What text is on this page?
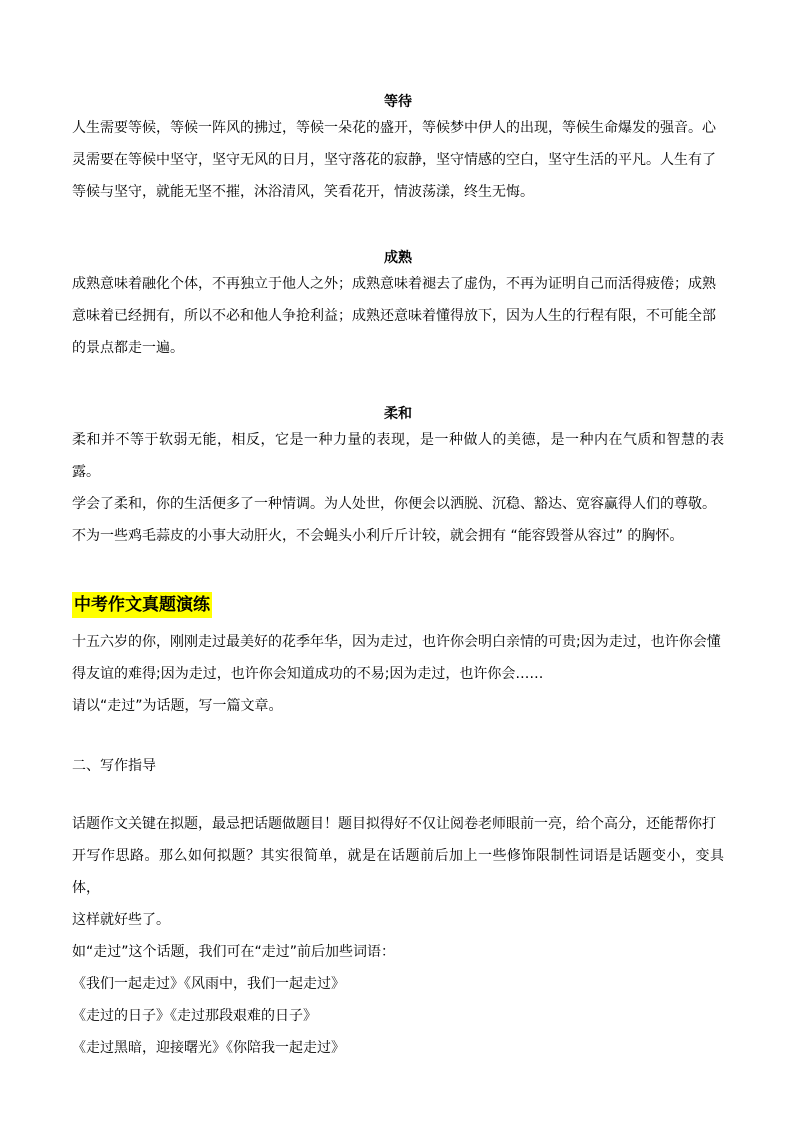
等待

人生需要等候，等候一阵风的拂过，等候一朵花的盛开，等候梦中伊人的出现，等候生命爆发的强音。心

灵需要在等候中坚守，坚守无风的日月，坚守落花的寂静，坚守情感的空白，坚守生活的平凡。人生有了

等候与坚守，就能无坚不摧，沐浴清风，笑看花开，情波荡漾，终生无悔。

成熟

成熟意味着融化个体，不再独立于他人之外；成熟意味着褪去了虚伪，不再为证明自己而活得疲倦；成熟

意味着已经拥有，所以不必和他人争抢利益；成熟还意味着懂得放下，因为人生的行程有限，不可能全部

的景点都走一遍。

柔和

柔和并不等于软弱无能，相反，它是一种力量的表现，是一种做人的美德，是一种内在气质和智慧的表露。

学会了柔和，你的生活便多了一种情调。为人处世，你便会以洒脱、沉稳、豁达、宽容赢得人们的尊敬。

不为一些鸡毛蒜皮的小事大动肝火，不会蝇头小利斤斤计较，就会拥有 “能容毁誉从容过” 的胸怀。

中考作文真题演练

十五六岁的你，刚刚走过最美好的花季年华，因为走过，也许你会明白亲情的可贵;因为走过，也许你会懂

得友谊的难得;因为走过，也许你会知道成功的不易;因为走过，也许你会……

请以“走过”为话题，写一篇文章。

二、写作指导

话题作文关键在拟题，最忌把话题做题目！题目拟得好不仅让阅卷老师眼前一亮，给个高分，还能帮你打

开写作思路。那么如何拟题？其实很简单，就是在话题前后加上一些修饰限制性词语是话题变小，变具体，

这样就好些了。

如“走过”这个话题，我们可在“走过”前后加些词语：

《我们一起走过》《风雨中，我们一起走过》

《走过的日子》《走过那段艰难的日子》

《走过黑暗，迎接曙光》《你陪我一起走过》
